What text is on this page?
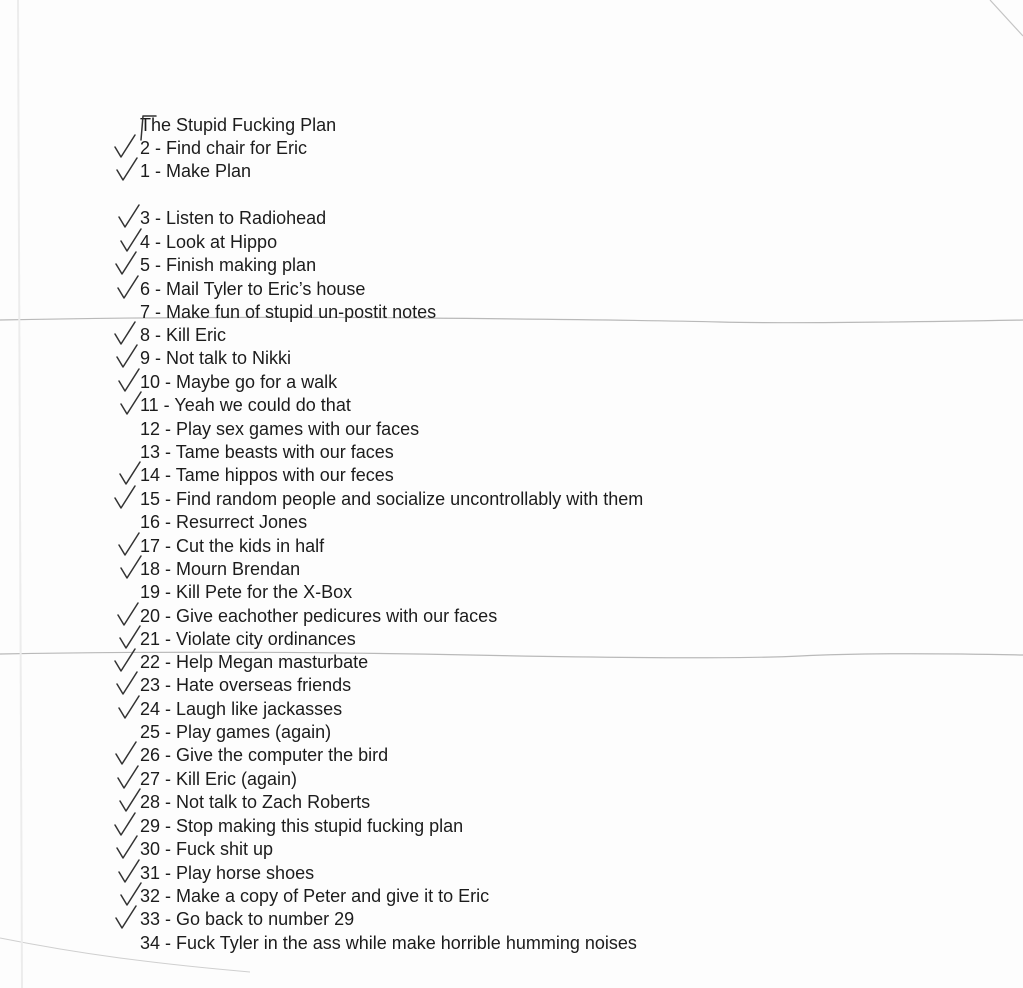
The Stupid Fucking Plan
2 - Find chair for Eric
1 - Make Plan
3 - Listen to Radiohead
4 - Look at Hippo
5 - Finish making plan
6 - Mail Tyler to Eric’s house
7 - Make fun of stupid un-postit notes
8 - Kill Eric
9 - Not talk to Nikki
10 - Maybe go for a walk
11 - Yeah we could do that
12 - Play sex games with our faces
13 - Tame beasts with our faces
14 - Tame hippos with our feces
15 - Find random people and socialize uncontrollably with them
16 - Resurrect Jones
17 - Cut the kids in half
18 - Mourn Brendan
19 - Kill Pete for the X-Box
20 - Give eachother pedicures with our faces
21 - Violate city ordinances
22 - Help Megan masturbate
23 - Hate overseas friends
24 - Laugh like jackasses
25 - Play games (again)
26 - Give the computer the bird
27 - Kill Eric (again)
28 - Not talk to Zach Roberts
29 - Stop making this stupid fucking plan
30 - Fuck shit up
31 - Play horse shoes
32 - Make a copy of Peter and give it to Eric
33 - Go back to number 29
34 - Fuck Tyler in the ass while make horrible humming noises
